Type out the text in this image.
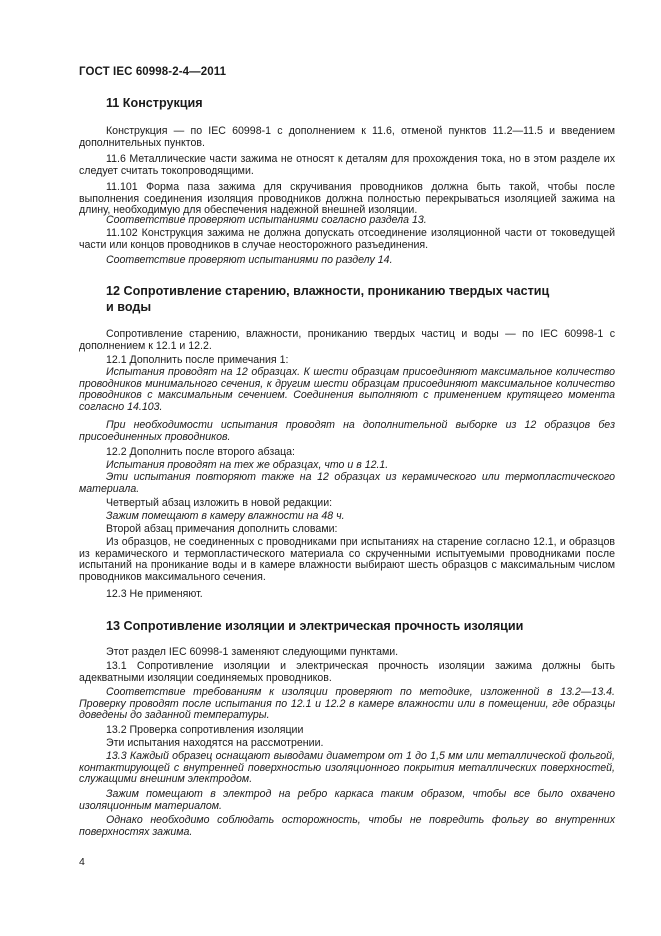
ГОСТ IEC 60998-2-4—2011
11 Конструкция

Конструкция — по IEC 60998-1 с дополнением к 11.6, отменой пунктов 11.2—11.5 и введением дополнительных пунктов.

11.6 Металлические части зажима не относят к деталям для прохождения тока, но в этом разделе их следует считать токопроводящими.

11.101 Форма паза зажима для скручивания проводников должна быть такой, чтобы после выполнения соединения изоляция проводников должна полностью перекрываться изоляцией зажима на длину, необходимую для обеспечения надежной внешней изоляции.

Соответствие проверяют испытаниями согласно раздела 13.

11.102 Конструкция зажима не должна допускать отсоединение изоляционной части от токоведущей части или концов проводников в случае неосторожного разъединения.

Соответствие проверяют испытаниями по разделу 14.

12 Сопротивление старению, влажности, прониканию твердых частиц
и воды

Сопротивление старению, влажности, прониканию твердых частиц и воды — по IEC 60998-1 с дополнением к 12.1 и 12.2.

12.1 Дополнить после примечания 1:

Испытания проводят на 12 образцах. К шести образцам присоединяют максимальное количество проводников минимального сечения, к другим шести образцам присоединяют максимальное количество проводников с максимальным сечением. Соединения выполняют с применением крутящего момента согласно 14.103.

При необходимости испытания проводят на дополнительной выборке из 12 образцов без присоединенных проводников.

12.2 Дополнить после второго абзаца:

Испытания проводят на тех же образцах, что и в 12.1.

Эти испытания повторяют также на 12 образцах из керамического или термопластического материала.

Четвертый абзац изложить в новой редакции:

Зажим помещают в камеру влажности на 48 ч.

Второй абзац примечания дополнить словами:

Из образцов, не соединенных с проводниками при испытаниях на старение согласно 12.1, и образцов из керамического и термопластического материала со скрученными испытуемыми проводниками после испытаний на проникание воды и в камере влажности выбирают шесть образцов с максимальным числом проводников максимального сечения.

12.3 Не применяют.

13 Сопротивление изоляции и электрическая прочность изоляции

Этот раздел IEC 60998-1 заменяют следующими пунктами.

13.1 Сопротивление изоляции и электрическая прочность изоляции зажима должны быть адекватными изоляции соединяемых проводников.

Соответствие требованиям к изоляции проверяют по методике, изложенной в 13.2—13.4. Проверку проводят после испытания по 12.1 и 12.2 в камере влажности или в помещении, где образцы доведены до заданной температуры.

13.2 Проверка сопротивления изоляции

Эти испытания находятся на рассмотрении.

13.3 Каждый образец оснащают выводами диаметром от 1 до 1,5 мм или металлической фольгой, контактирующей с внутренней поверхностью изоляционного покрытия металлических поверхностей, служащими внешним электродом.

Зажим помещают в электрод на ребро каркаса таким образом, чтобы все было охвачено изоляционным материалом.

Однако необходимо соблюдать осторожность, чтобы не повредить фольгу во внутренних поверхностях зажима.

4
